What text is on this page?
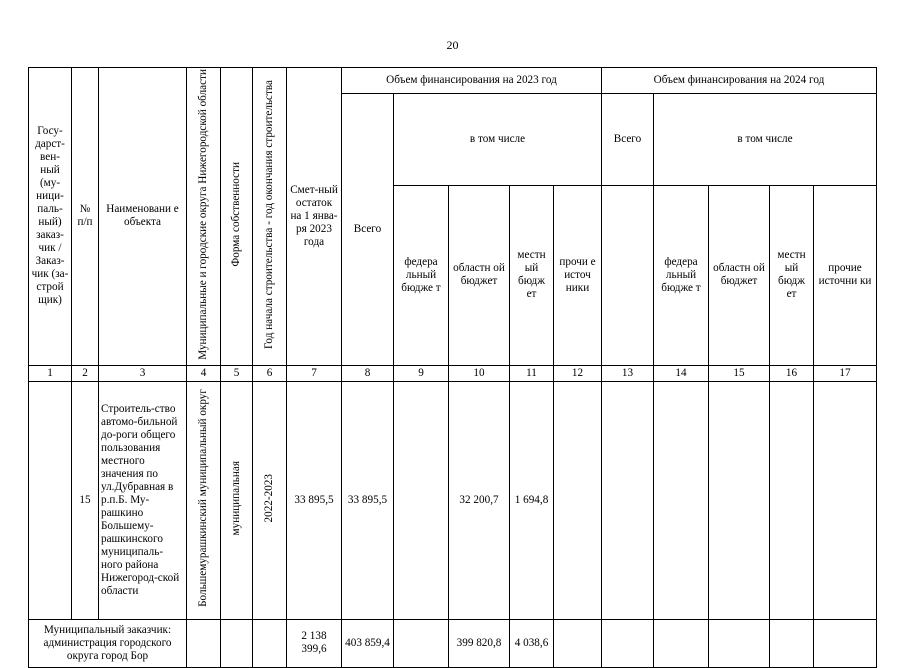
20
Госу-дарст-вен-ный (му-ници-паль-ный) заказ-чик / Заказ-чик (за-строй щик)	№ п/п	Наименовани е объекта	Муниципальные и городские округа Нижегородской области	Форма собственности	Год начала строительства - год окончания строительства	Смет-ный остаток на 1 янва-ря 2023 года	Объем финансирования на 2023 год					Объем финансирования на 2024 год				
							Всего	в том числе				Всего	в том числе			
								федера льный бюдже т	областн ой бюджет	местн ый бюдж ет	прочи е источ ники		федера льный бюдже т	областн ой бюджет	местн ый бюдж ет	прочие источни ки
1	2	3	4	5	6	7	8	9	10	11	12	13	14	15	16	17
	15	Строитель-ство автомо-бильной до-роги общего пользования местного значения по ул.Дубравная в р.п.Б. Му-рашкино Большему-рашкинского муниципаль-ного района Нижегород-ской области	Большемурашкинский муниципальный округ	муниципальная	2022-2023	33 895,5	33 895,5		32 200,7	1 694,8						
Муниципальный заказчик: администрация городского округа город Бор						2 138 399,6	403 859,4		399 820,8	4 038,6						
